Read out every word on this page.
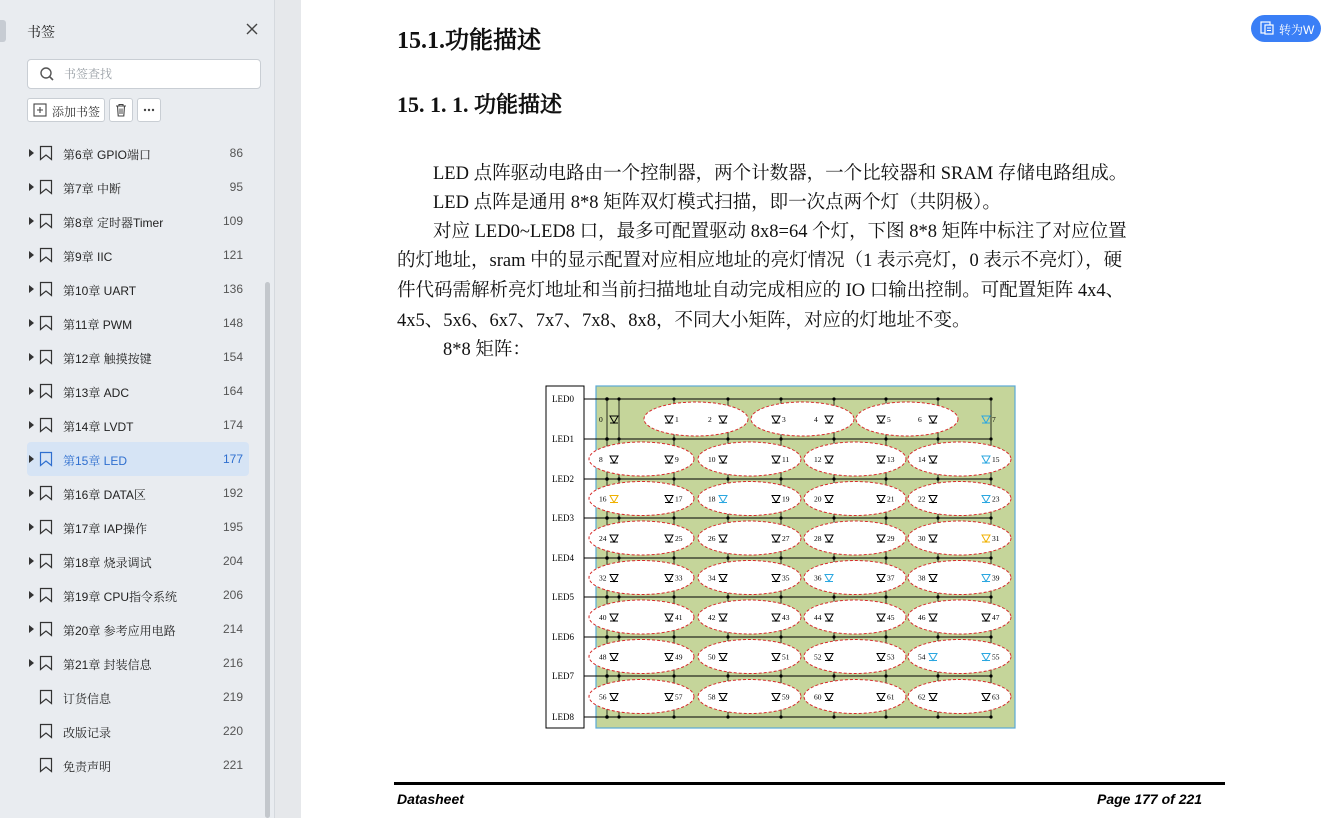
书签
书签查找
添加书签
第6章 GPIO端口	86
第7章 中断	95
第8章 定时器Timer	109
第9章 IIC	121
第10章 UART	136
第11章 PWM	148
第12章 触摸按键	154
第13章 ADC	164
第14章 LVDT	174
第15章 LED	177
第16章 DATA区	192
第17章 IAP操作	195
第18章 烧录调试	204
第19章 CPU指令系统	206
第20章 参考应用电路	214
第21章 封装信息	216
订货信息	219
改版记录	220
免责声明	221
15.1.功能描述
15. 1. 1. 功能描述
LED 点阵驱动电路由一个控制器，两个计数器，一个比较器和 SRAM 存储电路组成。
LED 点阵是通用 8*8 矩阵双灯模式扫描，即一次点两个灯（共阴极）。
对应 LED0~LED8 口，最多可配置驱动 8x8=64 个灯，下图 8*8 矩阵中标注了对应位置
的灯地址，sram 中的显示配置对应相应地址的亮灯情况（1 表示亮灯，0 表示不亮灯），硬
件代码需解析亮灯地址和当前扫描地址自动完成相应的 IO 口输出控制。可配置矩阵 4x4、
4x5、5x6、6x7、7x7、7x8、8x8，不同大小矩阵，对应的灯地址不变。
8*8 矩阵：
LED0
LED1
LED2
LED3
LED4
LED5
LED6
LED7
LED8
0	1	2	3	4	5	6	7
8	9	10	11	12	13	14	15
16	17	18	19	20	21	22	23
24	25	26	27	28	29	30	31
32	33	34	35	36	37	38	39
40	41	42	43	44	45	46	47
48	49	50	51	52	53	54	55
56	57	58	59	60	61	62	63
Datasheet	Page 177 of 221
转为W
